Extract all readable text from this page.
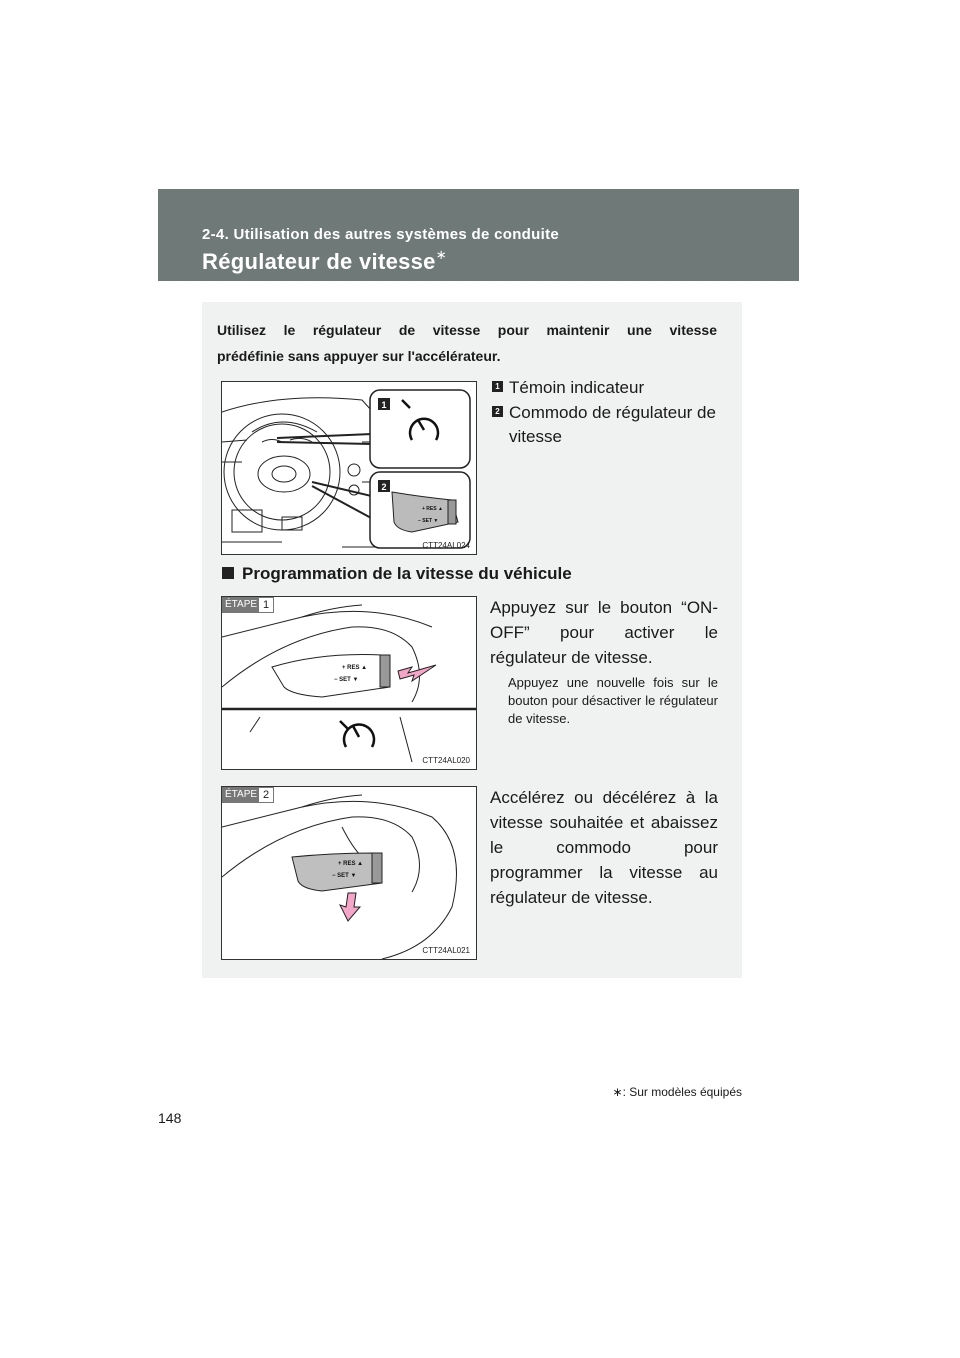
2-4. Utilisation des autres systèmes de conduite
Régulateur de vitesse∗
Utilisez le régulateur de vitesse pour maintenir une vitesse
prédéfinie sans appuyer sur l'accélérateur.
1
2
+ RES ▲
− SET ▼
CTT24AL024
1 Témoin indicateur
2 Commodo de régulateur de
vitesse
Programmation de la vitesse du véhicule
ÉTAPE 1
+ RES ▲
− SET ▼
CTT24AL020
Appuyez sur le bouton “ON-OFF” pour activer le régulateur de vitesse.
Appuyez une nouvelle fois sur le bouton pour désactiver le régulateur de vitesse.
ÉTAPE 2
+ RES ▲
− SET ▼
CTT24AL021
Accélérez ou décélérez à la vitesse souhaitée et abaissez le commodo pour programmer la vitesse au régulateur de vitesse.
∗: Sur modèles équipés
148
